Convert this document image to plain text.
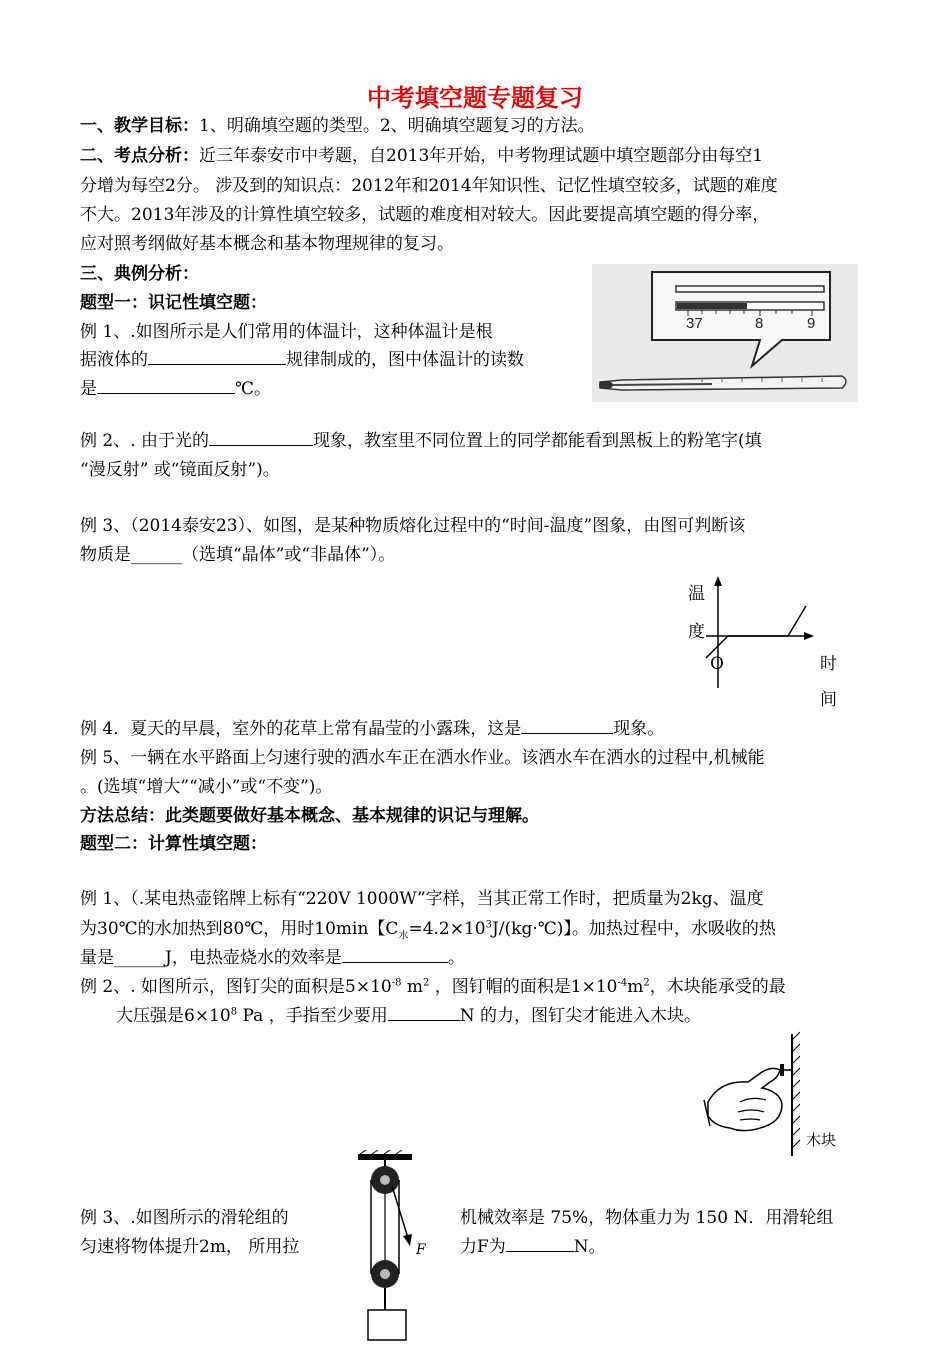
中考填空题专题复习
一、教学目标：1、明确填空题的类型。2、明确填空题复习的方法。
二、考点分析：近三年泰安市中考题，自2013年开始，中考物理试题中填空题部分由每空1
分增为每空2分。 涉及到的知识点：2012年和2014年知识性、记忆性填空较多，试题的难度
不大。2013年涉及的计算性填空较多，试题的难度相对较大。因此要提高填空题的得分率，
应对照考纲做好基本概念和基本物理规律的复习。
三、典例分析：
题型一：识记性填空题：
例 1、.如图所示是人们常用的体温计，这种体温计是根
据液体的	规律制成的，图中体温计的读数
是	℃。
37	8	9
例 2、. 由于光的	现象，教室里不同位置上的同学都能看到黑板上的粉笔字(填
“漫反射” 或“镜面反射”)。
例 3、（2014泰安23）、如图，是某种物质熔化过程中的“时间-温度”图象，由图可判断该
物质是______（选填“晶体”或“非晶体”）。
温
度
O	时
间
例 4．夏天的早晨，室外的花草上常有晶莹的小露珠，这是	现象。
例 5、一辆在水平路面上匀速行驶的洒水车正在洒水作业。该洒水车在洒水的过程中,机械能
。(选填“增大”“减小”或“不变”)。
方法总结：此类题要做好基本概念、基本规律的识记与理解。
题型二：计算性填空题：
例 1、（.某电热壶铭牌上标有“220V 1000W”字样，当其正常工作时，把质量为2kg、温度
为30℃的水加热到80℃，用时10min【$C_水=4.2\times 10^3J/(kg\cdot℃)$】。加热过程中，水吸收的热
量是______J，电热壶烧水的效率是	。
例 2、. 如图所示，图钉尖的面积是$5\times 10^{-8}$ $m^2$ ，图钉帽的面积是$1\times 10^{-4}m^2$，木块能承受的最
大压强是$6\times 10^8$ Pa ，手指至少要用	N 的力，图钉尖才能进入木块。
木块
例 3、.如图所示的滑轮组的
匀速将物体提升2m， 所用拉
机械效率是 75%，物体重力为 150 N．用滑轮组
力F为	N。
F
